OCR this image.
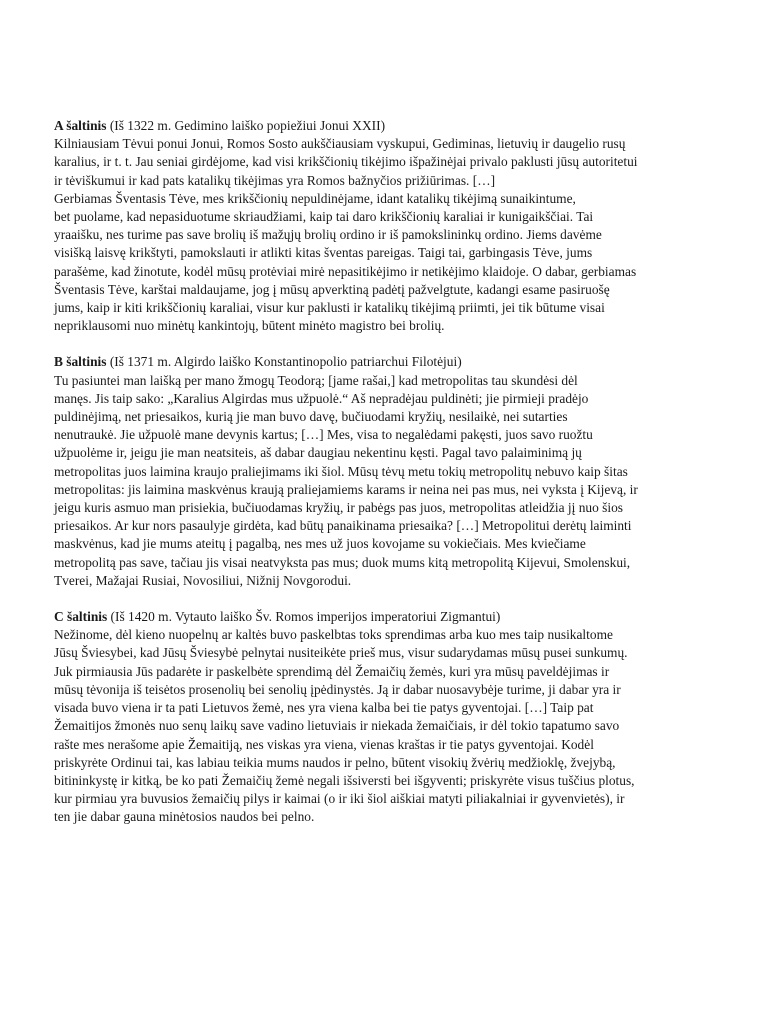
A šaltinis (Iš 1322 m. Gedimino laiško popiežiui Jonui XXII)
Kilniausiam Tėvui ponui Jonui, Romos Sosto aukščiausiam vyskupui, Gediminas, lietuvių ir daugelio rusų
karalius, ir t. t. Jau seniai girdėjome, kad visi krikščionių tikėjimo išpažinėjai privalo paklusti jūsų autoritetui
ir tėviškumui ir kad pats katalikų tikėjimas yra Romos bažnyčios prižiūrimas. […]
Gerbiamas Šventasis Tėve, mes krikščionių nepuldinėjame, idant katalikų tikėjimą sunaikintume,
bet puolame, kad nepasiduotume skriaudžiami, kaip tai daro krikščionių karaliai ir kunigaikščiai. Tai
yraaišku, nes turime pas save brolių iš mažųjų brolių ordino ir iš pamokslininkų ordino. Jiems davėme
visišką laisvę krikštyti, pamokslauti ir atlikti kitas šventas pareigas. Taigi tai, garbingasis Tėve, jums
parašėme, kad žinotute, kodėl mūsų protėviai mirė nepasitikėjimo ir netikėjimo klaidoje. O dabar, gerbiamas
Šventasis Tėve, karštai maldaujame, jog į mūsų apverktiną padėtį pažvelgtute, kadangi esame pasiruošę
jums, kaip ir kiti krikščionių karaliai, visur kur paklusti ir katalikų tikėjimą priimti, jei tik būtume visai
nepriklausomi nuo minėtų kankintojų, būtent minėto magistro bei brolių.
B šaltinis (Iš 1371 m. Algirdo laiško Konstantinopolio patriarchui Filotėjui)
Tu pasiuntei man laišką per mano žmogų Teodorą; [jame rašai,] kad metropolitas tau skundėsi dėl
manęs. Jis taip sako: „Karalius Algirdas mus užpuolė.“ Aš nepradėjau puldinėti; jie pirmieji pradėjo
puldinėjimą, net priesaikos, kurią jie man buvo davę, bučiuodami kryžių, nesilaikė, nei sutarties
nenutraukė. Jie užpuolė mane devynis kartus; […] Mes, visa to negalėdami pakęsti, juos savo ruožtu
užpuolėme ir, jeigu jie man neatsiteis, aš dabar daugiau nekentinu kęsti. Pagal tavo palaiminimą jų
metropolitas juos laimina kraujo praliejimams iki šiol. Mūsų tėvų metu tokių metropolitų nebuvo kaip šitas
metropolitas: jis laimina maskvėnus kraują praliejamiems karams ir neina nei pas mus, nei vyksta į Kijevą, ir
jeigu kuris asmuo man prisiekia, bučiuodamas kryžių, ir pabėgs pas juos, metropolitas atleidžia jį nuo šios
priesaikos. Ar kur nors pasaulyje girdėta, kad būtų panaikinama priesaika? […] Metropolitui derėtų laiminti
maskvėnus, kad jie mums ateitų į pagalbą, nes mes už juos kovojame su vokiečiais. Mes kviečiame
metropolitą pas save, tačiau jis visai neatvyksta pas mus; duok mums kitą metropolitą Kijevui, Smolenskui,
Tverei, Mažajai Rusiai, Novosiliui, Nižnij Novgorodui.
C šaltinis (Iš 1420 m. Vytauto laiško Šv. Romos imperijos imperatoriui Zigmantui)
Nežinome, dėl kieno nuopelnų ar kaltės buvo paskelbtas toks sprendimas arba kuo mes taip nusikaltome
Jūsų Šviesybei, kad Jūsų Šviesybė pelnytai nusiteikėte prieš mus, visur sudarydamas mūsų pusei sunkumų.
Juk pirmiausia Jūs padarėte ir paskelbėte sprendimą dėl Žemaičių žemės, kuri yra mūsų paveldėjimas ir
mūsų tėvonija iš teisėtos prosenolių bei senolių įpėdinystės. Ją ir dabar nuosavybėje turime, ji dabar yra ir
visada buvo viena ir ta pati Lietuvos žemė, nes yra viena kalba bei tie patys gyventojai. […] Taip pat
Žemaitijos žmonės nuo senų laikų save vadino lietuviais ir niekada žemaičiais, ir dėl tokio tapatumo savo
rašte mes nerašome apie Žemaitiją, nes viskas yra viena, vienas kraštas ir tie patys gyventojai. Kodėl
priskyrėte Ordinui tai, kas labiau teikia mums naudos ir pelno, būtent visokių žvėrių medžioklę, žvejybą,
bitininkystę ir kitką, be ko pati Žemaičių žemė negali išsiversti bei išgyventi; priskyrėte visus tuščius plotus,
kur pirmiau yra buvusios žemaičių pilys ir kaimai (o ir iki šiol aiškiai matyti piliakalniai ir gyvenvietės), ir
ten jie dabar gauna minėtosios naudos bei pelno.
